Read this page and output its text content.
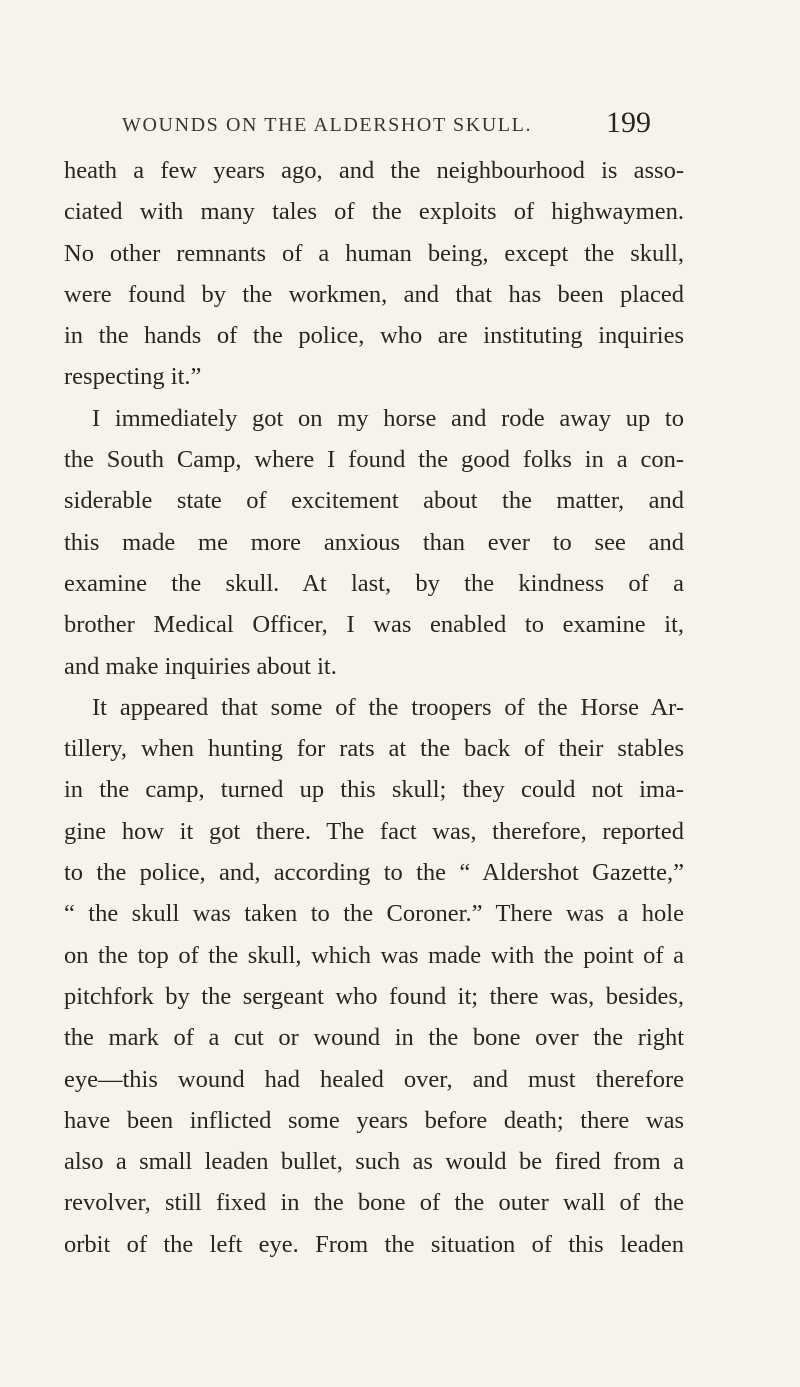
WOUNDS ON THE ALDERSHOT SKULL. 199
heath a few years ago, and the neighbourhood is asso-
ciated with many tales of the exploits of highwaymen.
No other remnants of a human being, except the skull,
were found by the workmen, and that has been placed
in the hands of the police, who are instituting inquiries
respecting it.”
I immediately got on my horse and rode away up to
the South Camp, where I found the good folks in a con-
siderable state of excitement about the matter, and
this made me more anxious than ever to see and
examine the skull. At last, by the kindness of a
brother Medical Officer, I was enabled to examine it,
and make inquiries about it.
It appeared that some of the troopers of the Horse Ar-
tillery, when hunting for rats at the back of their stables
in the camp, turned up this skull; they could not ima-
gine how it got there. The fact was, therefore, reported
to the police, and, according to the “ Aldershot Gazette,”
“ the skull was taken to the Coroner.” There was a hole
on the top of the skull, which was made with the point of a
pitchfork by the sergeant who found it; there was, besides,
the mark of a cut or wound in the bone over the right
eye—this wound had healed over, and must therefore
have been inflicted some years before death; there was
also a small leaden bullet, such as would be fired from a
revolver, still fixed in the bone of the outer wall of the
orbit of the left eye. From the situation of this leaden
